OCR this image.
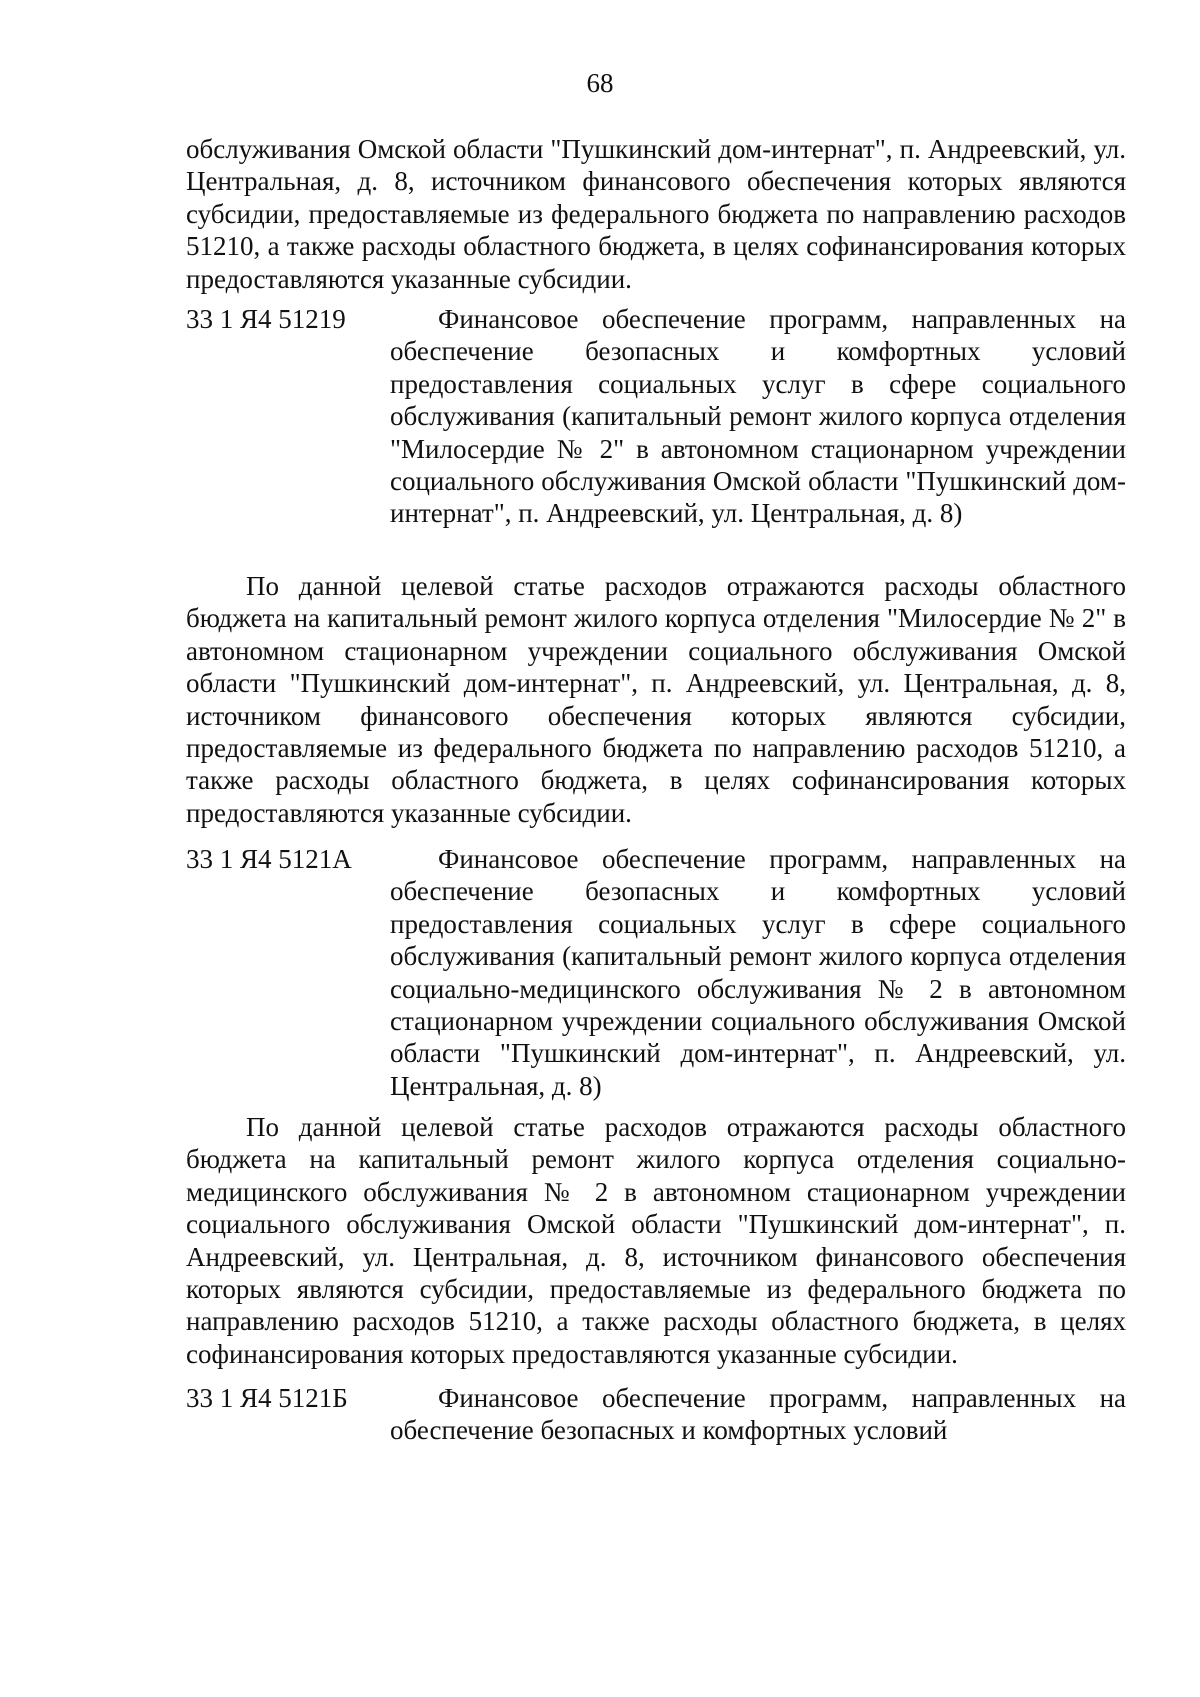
68
обслуживания Омской области "Пушкинский дом-интернат", п. Андреевский, ул. Центральная, д. 8, источником финансового обеспечения которых являются субсидии, предоставляемые из федерального бюджета по направлению расходов 51210, а также расходы областного бюджета, в целях софинансирования которых предоставляются указанные субсидии.
33 1 Я4 51219	Финансовое обеспечение программ, направленных на обеспечение безопасных и комфортных условий предоставления социальных услуг в сфере социального обслуживания (капитальный ремонт жилого корпуса отделения "Милосердие № 2" в автономном стационарном учреждении социального обслуживания Омской области "Пушкинский дом-интернат", п. Андреевский, ул. Центральная, д. 8)
По данной целевой статье расходов отражаются расходы областного бюджета на капитальный ремонт жилого корпуса отделения "Милосердие № 2" в автономном стационарном учреждении социального обслуживания Омской области "Пушкинский дом-интернат", п. Андреевский, ул. Центральная, д. 8, источником финансового обеспечения которых являются субсидии, предоставляемые из федерального бюджета по направлению расходов 51210, а также расходы областного бюджета, в целях софинансирования которых предоставляются указанные субсидии.
33 1 Я4 5121А	Финансовое обеспечение программ, направленных на обеспечение безопасных и комфортных условий предоставления социальных услуг в сфере социального обслуживания (капитальный ремонт жилого корпуса отделения социально-медицинского обслуживания № 2 в автономном стационарном учреждении социального обслуживания Омской области "Пушкинский дом-интернат", п. Андреевский, ул. Центральная, д. 8)
По данной целевой статье расходов отражаются расходы областного бюджета на капитальный ремонт жилого корпуса отделения социально-медицинского обслуживания № 2 в автономном стационарном учреждении социального обслуживания Омской области "Пушкинский дом-интернат", п. Андреевский, ул. Центральная, д. 8, источником финансового обеспечения которых являются субсидии, предоставляемые из федерального бюджета по направлению расходов 51210, а также расходы областного бюджета, в целях софинансирования которых предоставляются указанные субсидии.
33 1 Я4 5121Б	Финансовое обеспечение программ, направленных на обеспечение безопасных и комфортных условий
